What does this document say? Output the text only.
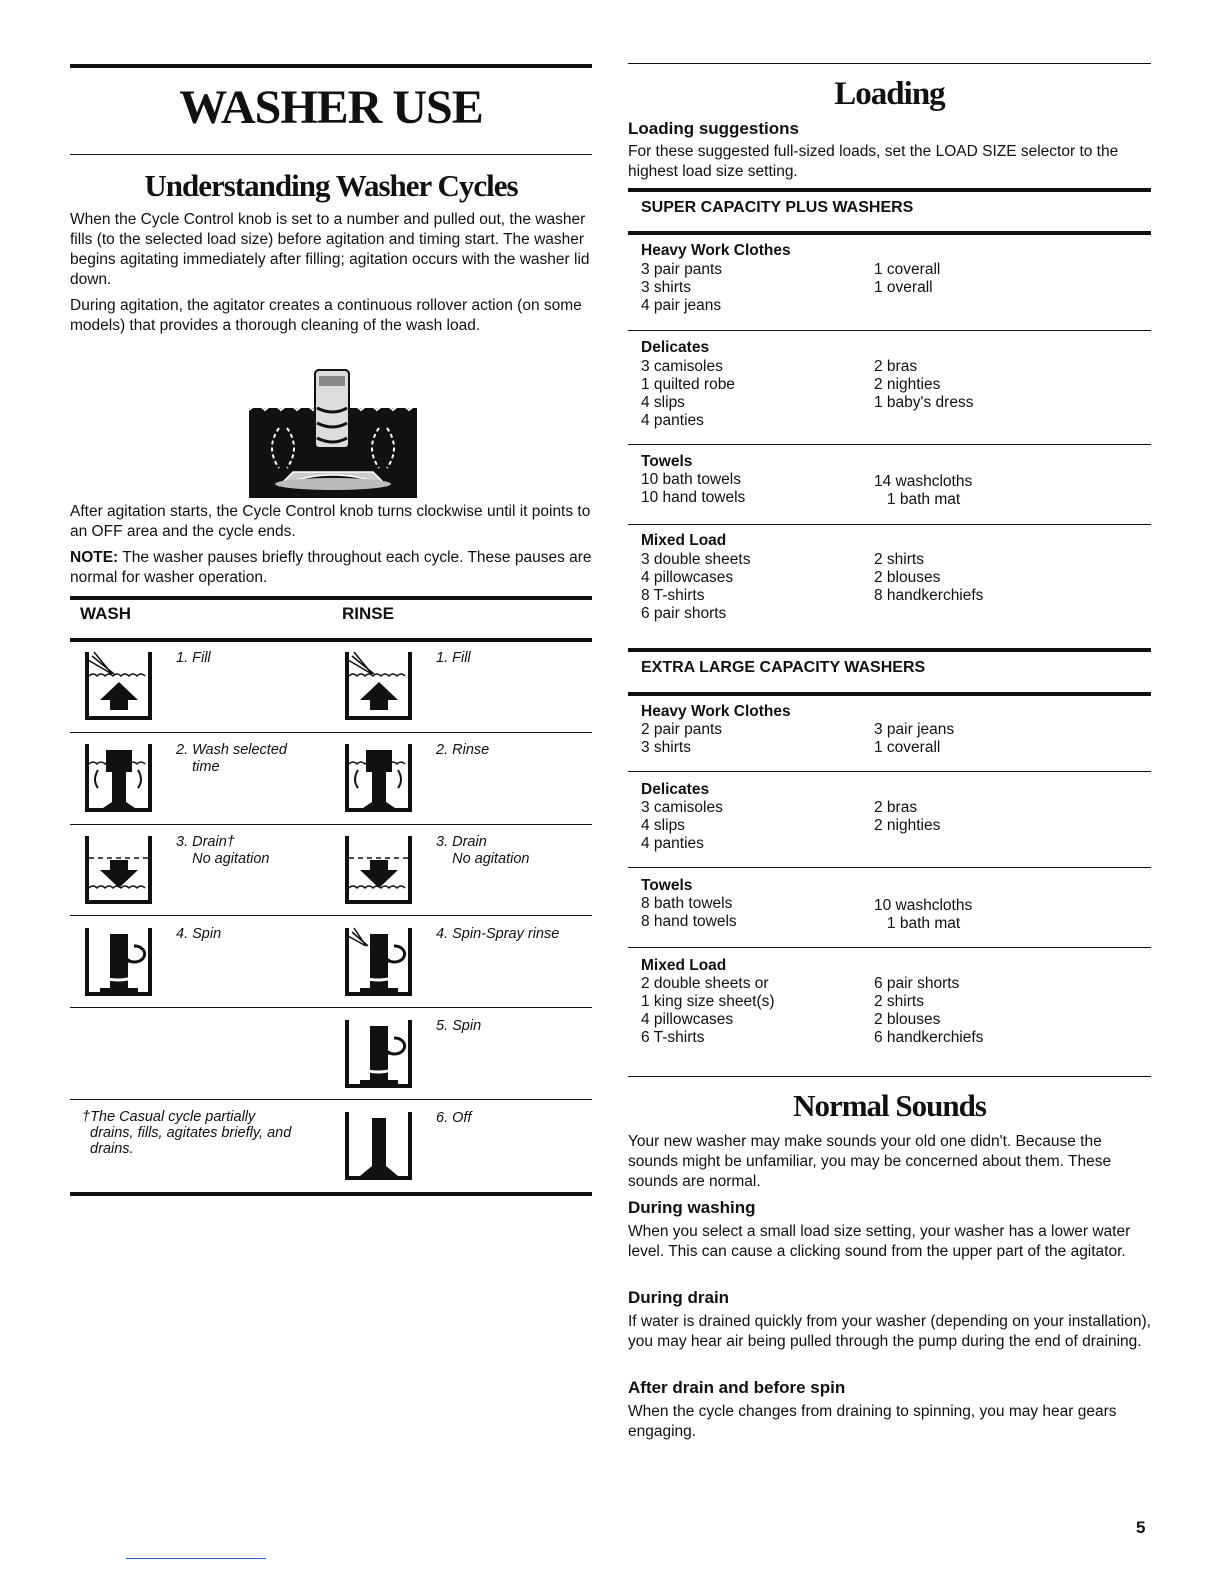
WASHER USE
Understanding Washer Cycles

When the Cycle Control knob is set to a number and pulled out, the washer fills (to the selected load size) before agitation and timing start. The washer begins agitating immediately after filling; agitation occurs with the washer lid down.

During agitation, the agitator creates a continuous rollover action (on some models) that provides a thorough cleaning of the wash load.

After agitation starts, the Cycle Control knob turns clockwise until it points to an OFF area and the cycle ends.

NOTE: The washer pauses briefly throughout each cycle. These pauses are normal for washer operation.

WASH	RINSE
1. Fill
2. Wash selected
time
3. Drain†
No agitation
4. Spin
†The Casual cycle partially
drains, fills, agitates briefly, and
drains.
1. Fill
2. Rinse
3. Drain
No agitation
4. Spin-Spray rinse
5. Spin
6. Off
Loading
Loading suggestions

For these suggested full-sized loads, set the LOAD SIZE selector to the highest load size setting.

SUPER CAPACITY PLUS WASHERS
Heavy Work Clothes
3 pair pants
3 shirts
4 pair jeans
1 coverall
1 overall
Delicates
3 camisoles
1 quilted robe
4 slips
4 panties
2 bras
2 nighties
1 baby's dress
Towels
10 bath towels
10 hand towels
14 washcloths
1 bath mat
Mixed Load
3 double sheets
4 pillowcases
8 T-shirts
6 pair shorts
2 shirts
2 blouses
8 handkerchiefs
EXTRA LARGE CAPACITY WASHERS
Heavy Work Clothes
2 pair pants
3 shirts
3 pair jeans
1 coverall
Delicates
3 camisoles
4 slips
4 panties
2 bras
2 nighties
Towels
8 bath towels
8 hand towels
10 washcloths
1 bath mat
Mixed Load
2 double sheets or
1 king size sheet(s)
4 pillowcases
6 T-shirts
6 pair shorts
2 shirts
2 blouses
6 handkerchiefs
Normal Sounds

Your new washer may make sounds your old one didn't. Because the sounds might be unfamiliar, you may be concerned about them. These sounds are normal.

During washing

When you select a small load size setting, your washer has a lower water level. This can cause a clicking sound from the upper part of the agitator.

During drain

If water is drained quickly from your washer (depending on your installation), you may hear air being pulled through the pump during the end of draining.

After drain and before spin

When the cycle changes from draining to spinning, you may hear gears engaging.

5
